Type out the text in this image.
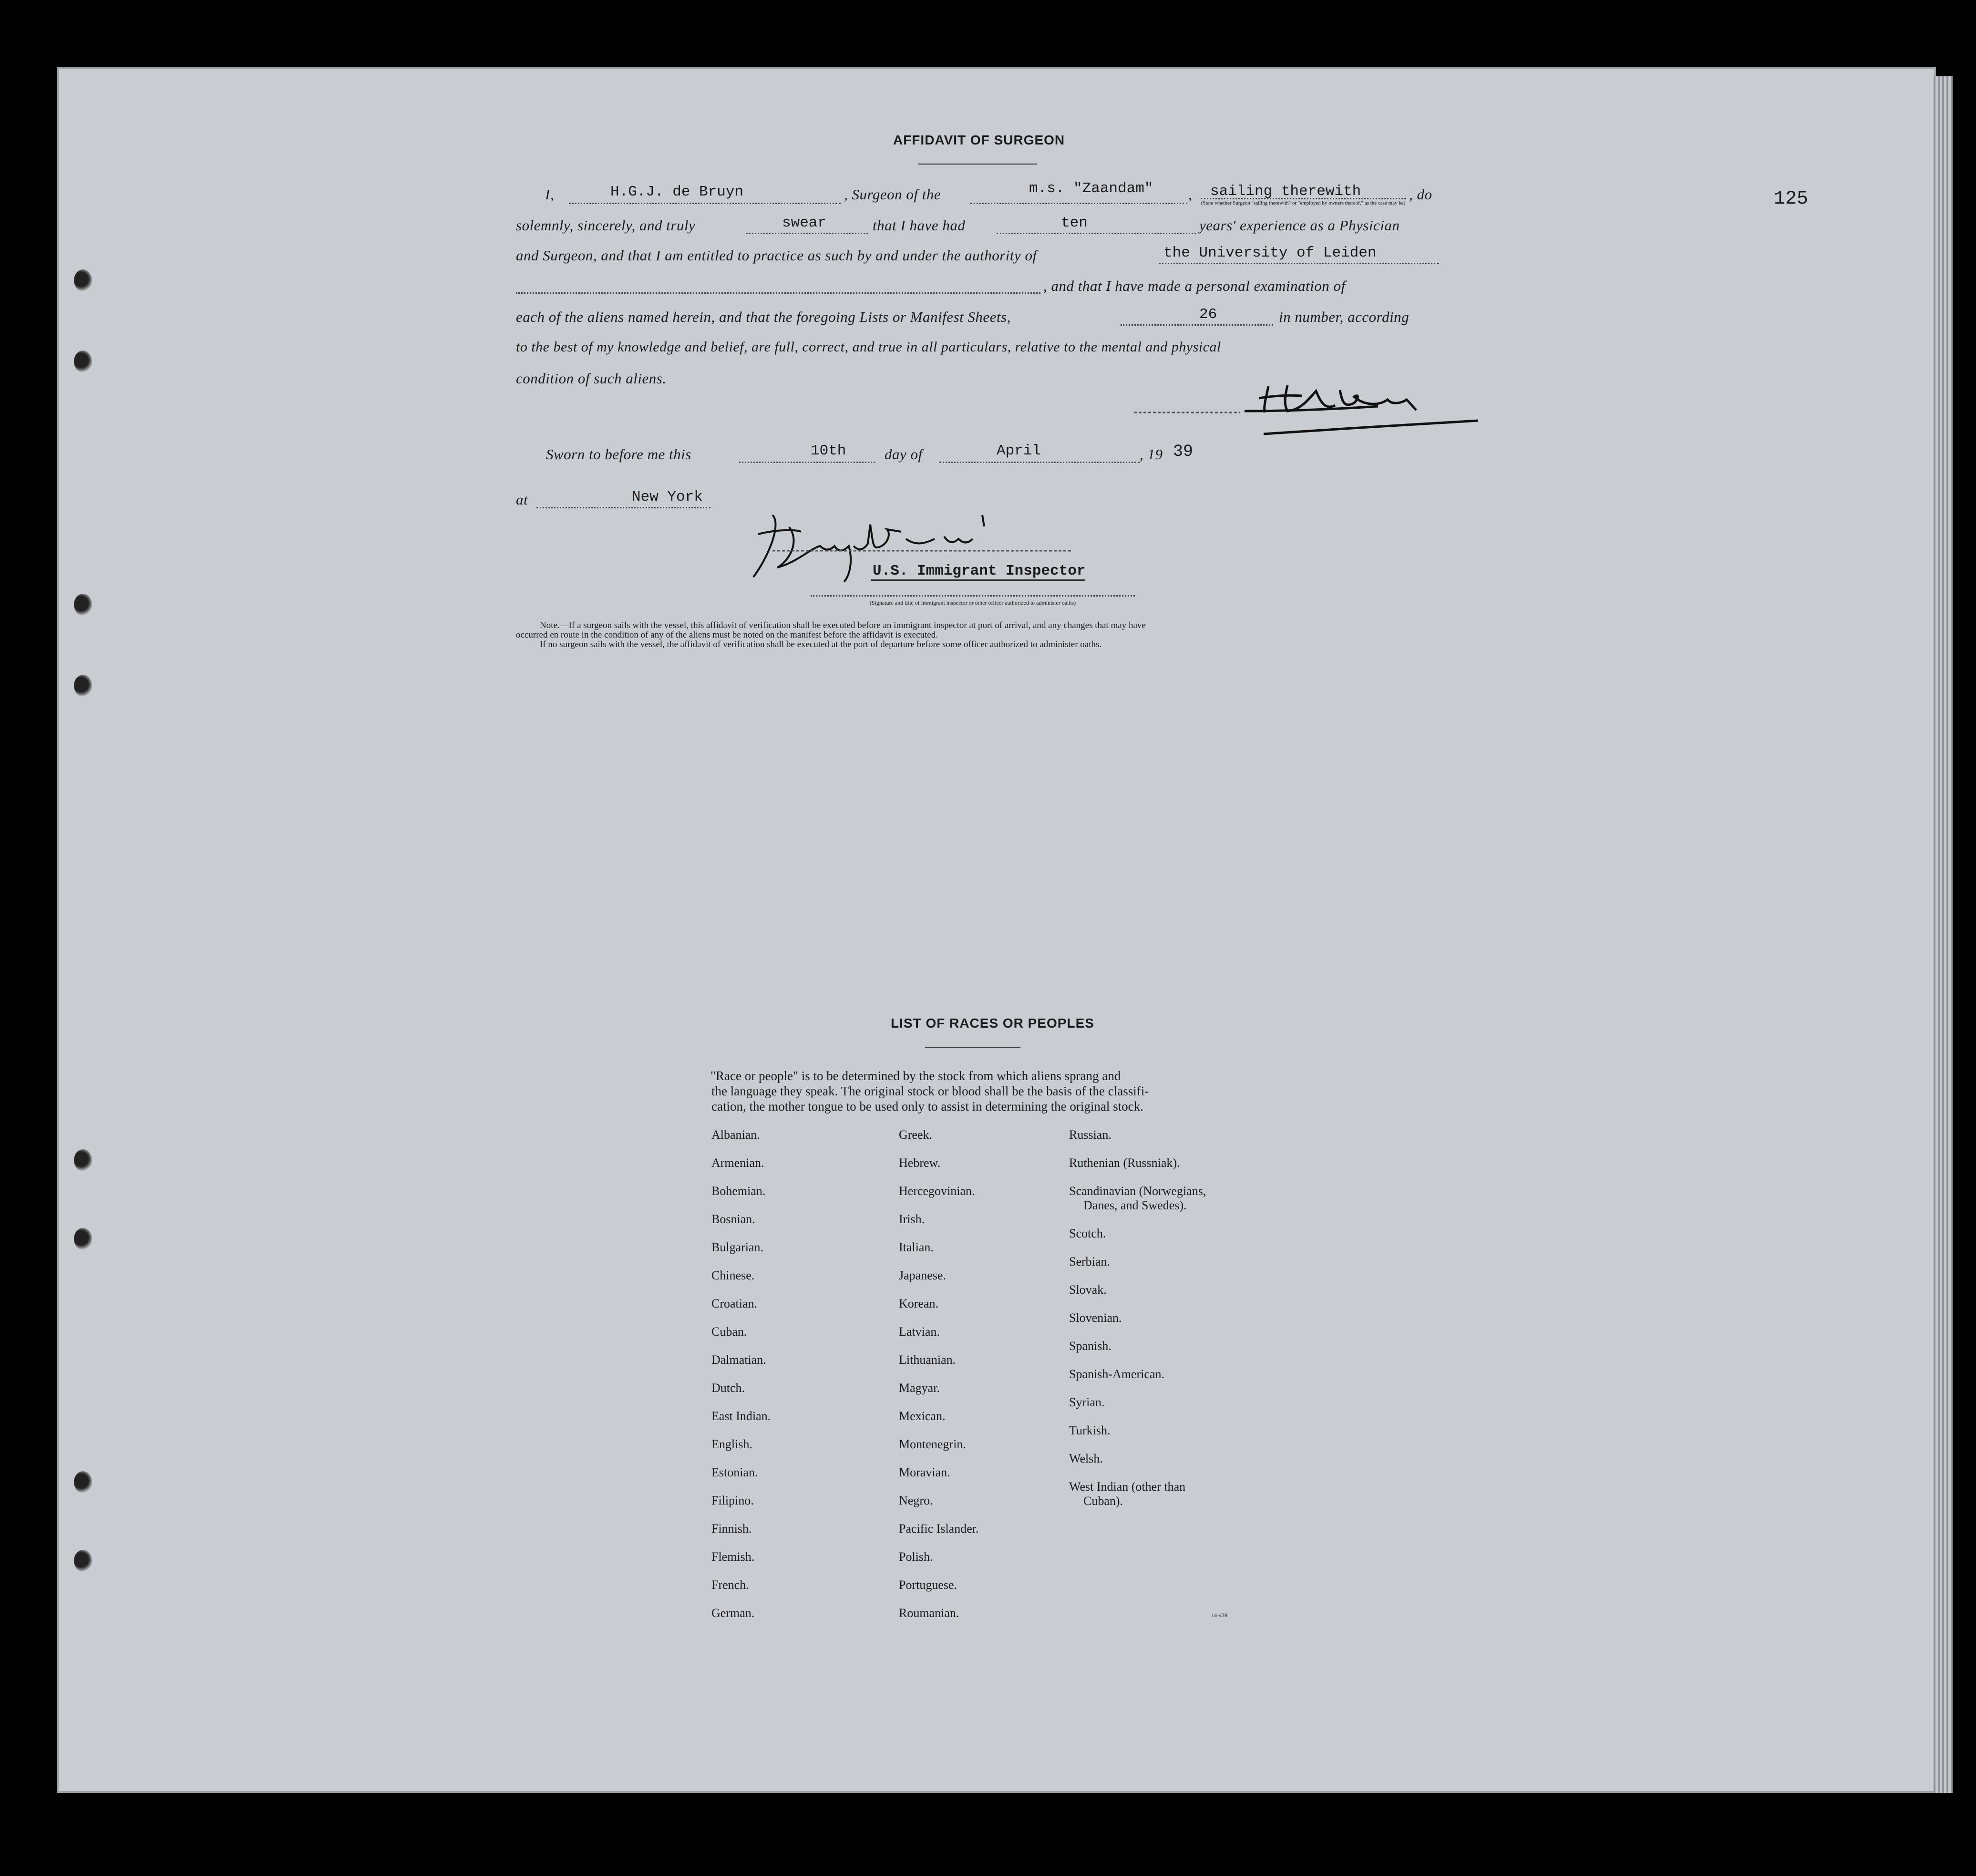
125
AFFIDAVIT OF SURGEON
I,	H.G.J. de Bruyn	, Surgeon of the	m.s. "Zaandam" , sailing therewith
(State whether Surgeon "sailing therewith" or "employed by owners thereof," as the case may be)
, do
solemnly, sincerely, and truly	swear	that I have had	ten	years' experience as a Physician
and Surgeon, and that I am entitled to practice as such by and under the authority of	the University of Leiden
, and that I have made a personal examination of
each of the aliens named herein, and that the foregoing Lists or Manifest Sheets,	26	in number, according
to the best of my knowledge and belief, are full, correct, and true in all particulars, relative to the mental and physical
condition of such aliens.
Sworn to before me this	10th	day of	April	, 19 39
at	New York
U.S. Immigrant Inspector
(Signature and title of immigrant inspector or other officer authorized to administer oaths)
Note.—If a surgeon sails with the vessel, this affidavit of verification shall be executed before an immigrant inspector at port of arrival, and any changes that may have
occurred en route in the condition of any of the aliens must be noted on the manifest before the affidavit is executed.
If no surgeon sails with the vessel, the affidavit of verification shall be executed at the port of departure before some officer authorized to administer oaths.
LIST OF RACES OR PEOPLES
"Race or people" is to be determined by the stock from which aliens sprang and
the language they speak. The original stock or blood shall be the basis of the classifi-
cation, the mother tongue to be used only to assist in determining the original stock.
Albanian.
Armenian.
Bohemian.
Bosnian.
Bulgarian.
Chinese.
Croatian.
Cuban.
Dalmatian.
Dutch.
East Indian.
English.
Estonian.
Filipino.
Finnish.
Flemish.
French.
German.
Greek.
Hebrew.
Hercegovinian.
Irish.
Italian.
Japanese.
Korean.
Latvian.
Lithuanian.
Magyar.
Mexican.
Montenegrin.
Moravian.
Negro.
Pacific Islander.
Polish.
Portuguese.
Roumanian.
Russian.
Ruthenian (Russniak).
Scandinavian (Norwegians,
Danes, and Swedes).
Scotch.
Serbian.
Slovak.
Slovenian.
Spanish.
Spanish-American.
Syrian.
Turkish.
Welsh.
West Indian (other than
Cuban).
14-439
